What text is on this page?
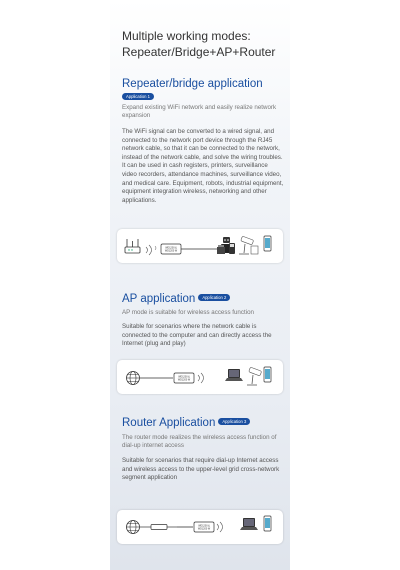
Multiple working modes:
Repeater/Bridge+AP+Router
Repeater/bridge application
Application 1
Expand existing WiFi network and easily realize network expansion
The WiFi signal can be converted to a wired signal, and connected to the network port device through the RJ45 network cable, so that it can be connected to the network, instead of the network cable, and solve the wiring troubles. It can be used in cash registers, printers, surveillance video recorders, attendance machines, surveillance video, and medical care. Equipment, robots, industrial equipment, equipment integration wireless, networking and other applications.
WD1200 &
WD1200 W
AP application Application 2
AP mode is suitable for wireless access function
Suitable for scenarios where the network cable is connected to the computer and can directly access the Internet (plug and play)
WD1200 &
WD1200 W
Router Application Application 3
The router mode realizes the wireless access function of dial-up internet access
Suitable for scenarios that require dial-up Internet access and wireless access to the upper-level grid cross-network segment application
WD1200 &
WD1200 W
